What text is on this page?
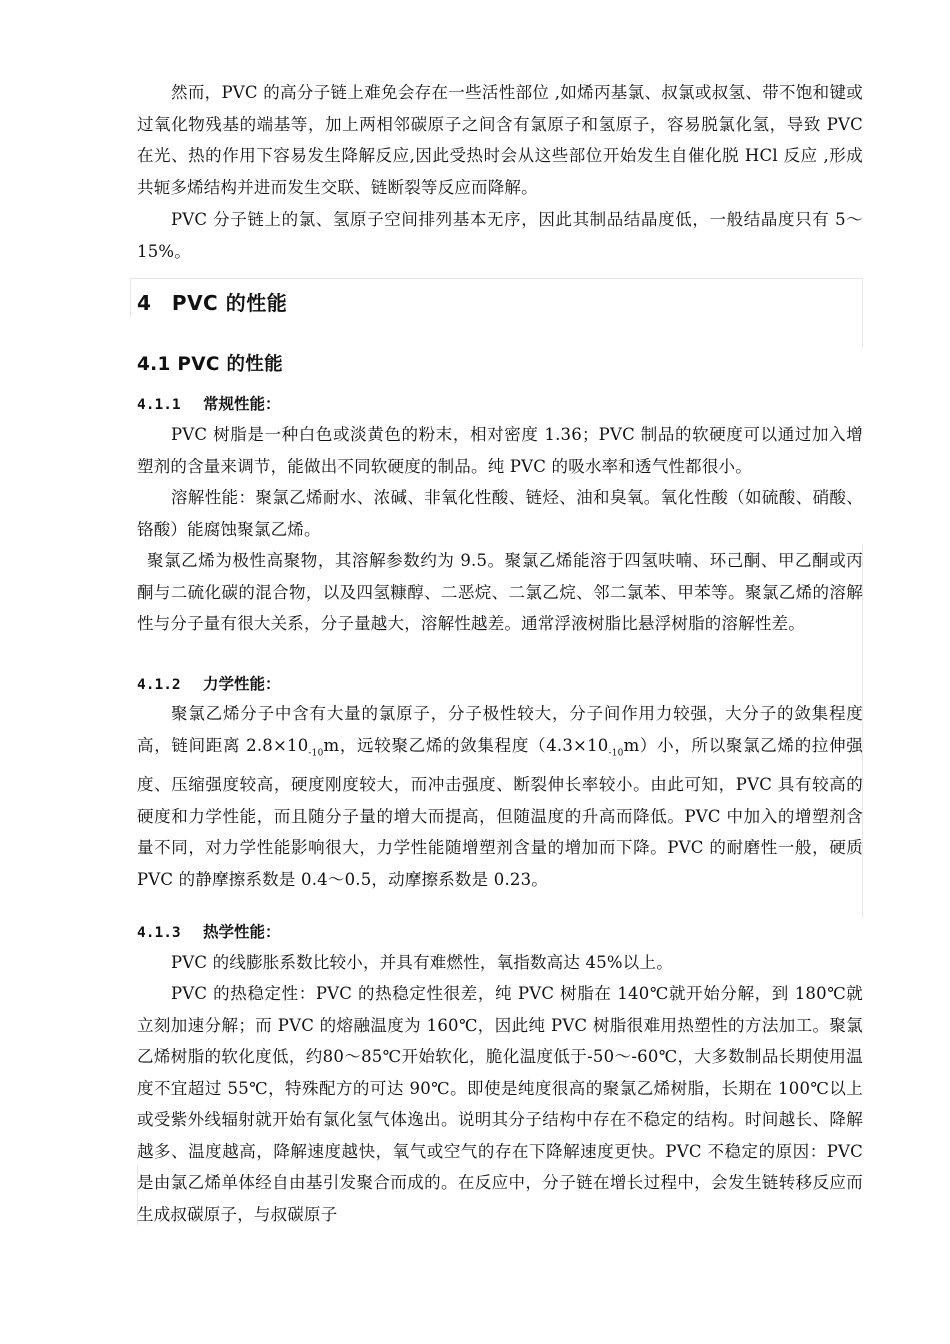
然而，PVC 的高分子链上难免会存在一些活性部位 ,如烯丙基氯、叔氯或叔氢、带不饱和键或过氧化物残基的端基等，加上两相邻碳原子之间含有氯原子和氢原子，容易脱氯化氢，导致 PVC 在光、热的作用下容易发生降解反应,因此受热时会从这些部位开始发生自催化脱 HCl 反应 ,形成共轭多烯结构并进而发生交联、链断裂等反应而降解。

PVC 分子链上的氯、氢原子空间排列基本无序，因此其制品结晶度低，一般结晶度只有 5～15%。

4　PVC 的性能
4.1 PVC 的性能
4.1.1 常规性能：

PVC 树脂是一种白色或淡黄色的粉末，相对密度 1.36；PVC 制品的软硬度可以通过加入增塑剂的含量来调节，能做出不同软硬度的制品。纯 PVC 的吸水率和透气性都很小。

溶解性能：聚氯乙烯耐水、浓碱、非氧化性酸、链烃、油和臭氧。氧化性酸（如硫酸、硝酸、铬酸）能腐蚀聚氯乙烯。

聚氯乙烯为极性高聚物，其溶解参数约为 9.5。聚氯乙烯能溶于四氢呋喃、环己酮、甲乙酮或丙酮与二硫化碳的混合物，以及四氢糠醇、二恶烷、二氯乙烷、邻二氯苯、甲苯等。聚氯乙烯的溶解性与分子量有很大关系，分子量越大，溶解性越差。通常浮液树脂比悬浮树脂的溶解性差。

4.1.2 力学性能：

聚氯乙烯分子中含有大量的氯原子，分子极性较大，分子间作用力较强，大分子的敛集程度高，链间距离 $2.8\times 10_{-10}m$，远较聚乙烯的敛集程度$(4.3\times 10_{-10}m)$小，所以聚氯乙烯的拉伸强度、压缩强度较高，硬度刚度较大，而冲击强度、断裂伸长率较小。由此可知，PVC 具有较高的硬度和力学性能，而且随分子量的增大而提高，但随温度的升高而降低。PVC 中加入的增塑剂含量不同，对力学性能影响很大，力学性能随增塑剂含量的增加而下降。PVC 的耐磨性一般，硬质 PVC 的静摩擦系数是 0.4～0.5，动摩擦系数是 0.23。

4.1.3 热学性能：

PVC 的线膨胀系数比较小，并具有难燃性，氧指数高达 45%以上。

PVC 的热稳定性：PVC 的热稳定性很差，纯 PVC 树脂在 140℃就开始分解，到 180℃就立刻加速分解；而 PVC 的熔融温度为 160℃，因此纯 PVC 树脂很难用热塑性的方法加工。聚氯乙烯树脂的软化度低，约80～85℃开始软化，脆化温度低于-50～-60℃，大多数制品长期使用温度不宜超过 55℃，特殊配方的可达 90℃。即使是纯度很高的聚氯乙烯树脂，长期在 100℃以上或受紫外线辐射就开始有氯化氢气体逸出。说明其分子结构中存在不稳定的结构。时间越长、降解越多、温度越高，降解速度越快，氧气或空气的存在下降解速度更快。PVC 不稳定的原因：PVC 是由氯乙烯单体经自由基引发聚合而成的。在反应中，分子链在增长过程中，会发生链转移反应而生成叔碳原子，与叔碳原子
